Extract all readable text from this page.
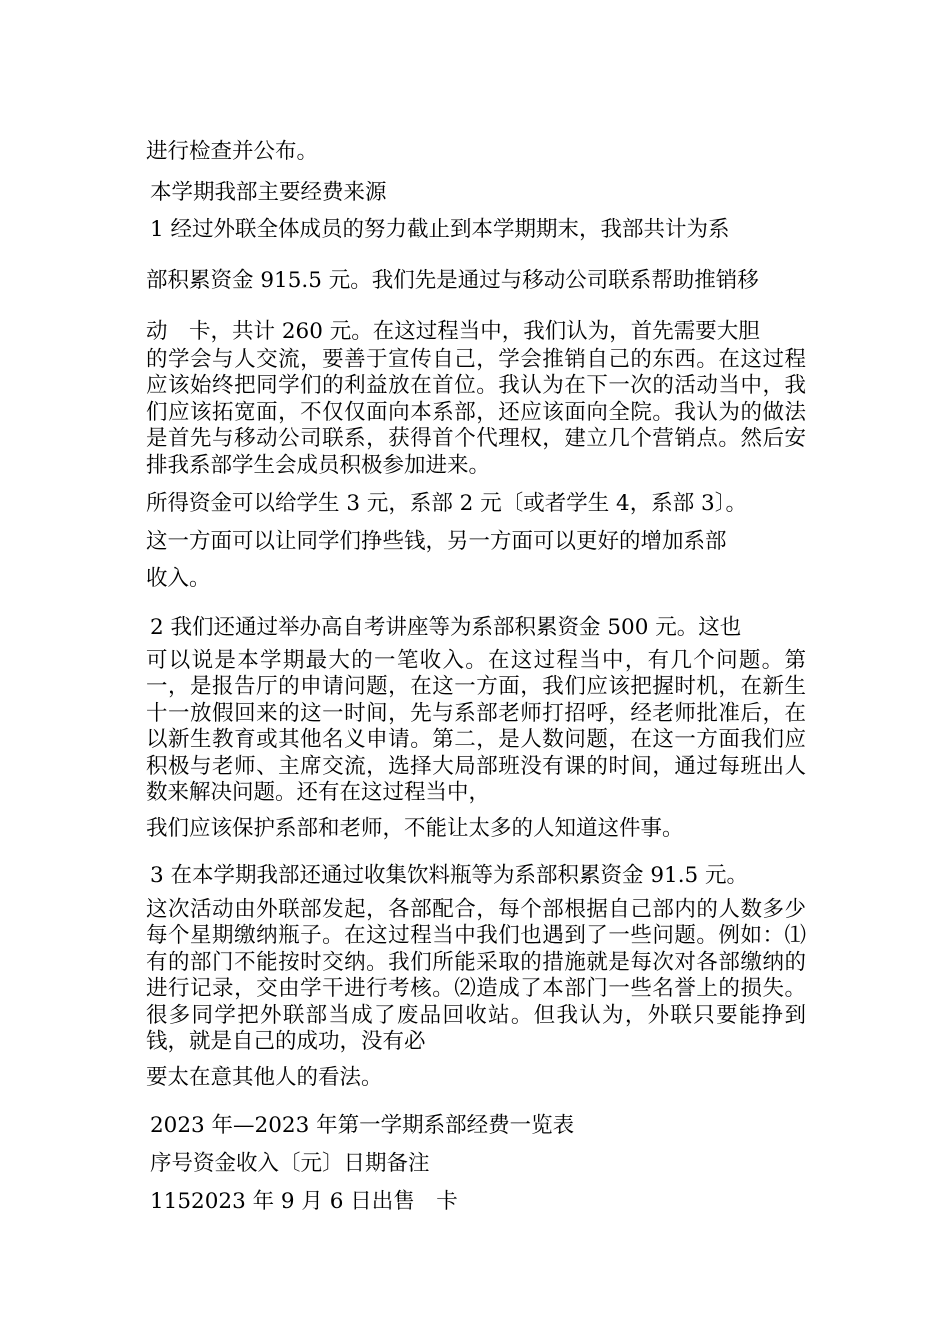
进行检查并公布。
本学期我部主要经费来源
1 经过外联全体成员的努力截止到本学期期末，我部共计为系
部积累资金 915.5 元。我们先是通过与移动公司联系帮助推销移
动　卡，共计 260 元。在这过程当中，我们认为，首先需要大胆
的学会与人交流，要善于宣传自己，学会推销自己的东西。在这过程应该始终把同学们的利益放在首位。我认为在下一次的活动当中，我们应该拓宽面，不仅仅面向本系部，还应该面向全院。我认为的做法是首先与移动公司联系，获得首个代理权，建立几个营销点。然后安排我系部学生会成员积极参加进来。
所得资金可以给学生 3 元，系部 2 元〔或者学生 4，系部 3〕。
这一方面可以让同学们挣些钱，另一方面可以更好的增加系部
收入。
2 我们还通过举办高自考讲座等为系部积累资金 500 元。这也
可以说是本学期最大的一笔收入。在这过程当中，有几个问题。第一，是报告厅的申请问题，在这一方面，我们应该把握时机，在新生十一放假回来的这一时间，先与系部老师打招呼，经老师批准后，在以新生教育或其他名义申请。第二，是人数问题，在这一方面我们应积极与老师、主席交流，选择大局部班没有课的时间，通过每班出人数来解决问题。还有在这过程当中，
我们应该保护系部和老师，不能让太多的人知道这件事。
3 在本学期我部还通过收集饮料瓶等为系部积累资金 91.5 元。
这次活动由外联部发起，各部配合，每个部根据自己部内的人数多少每个星期缴纳瓶子。在这过程当中我们也遇到了一些问题。例如：⑴有的部门不能按时交纳。我们所能采取的措施就是每次对各部缴纳的进行记录，交由学干进行考核。⑵造成了本部门一些名誉上的损失。很多同学把外联部当成了废品回收站。但我认为，外联只要能挣到钱，就是自己的成功，没有必
要太在意其他人的看法。
2023 年—2023 年第一学期系部经费一览表
序号资金收入〔元〕日期备注
1152023 年 9 月 6 日出售　卡
